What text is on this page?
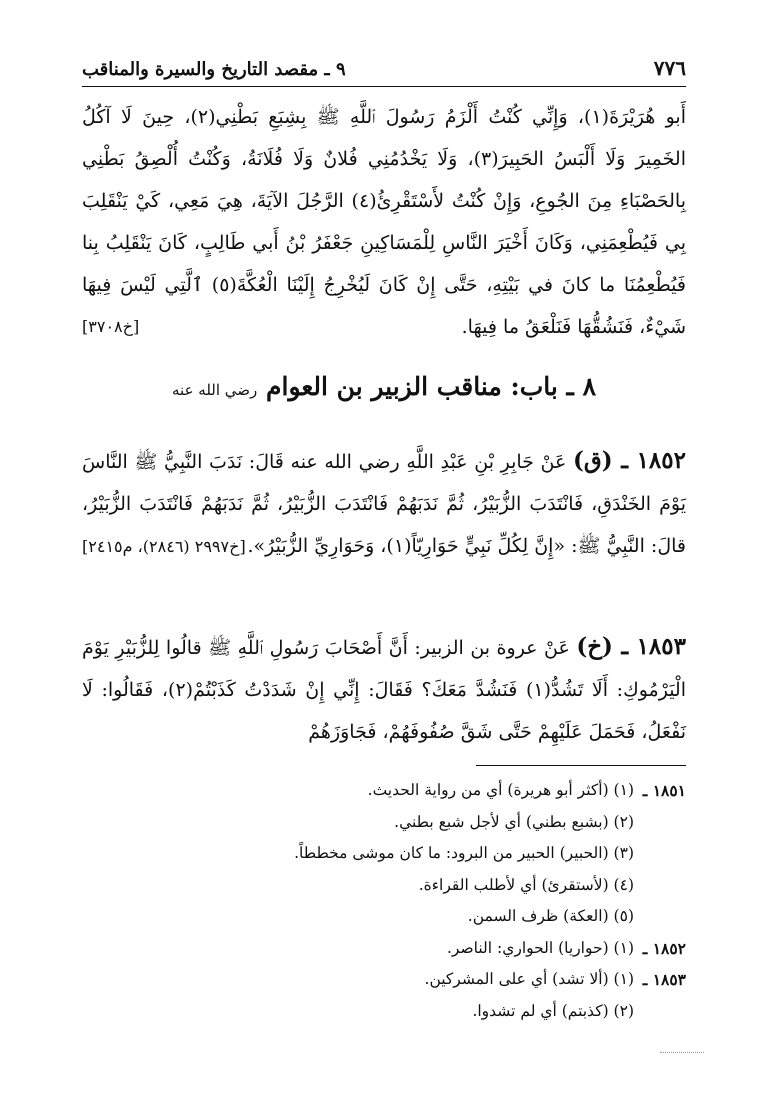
٧٧٦
٩ ـ مقصد التاريخ والسيرة والمناقب
أَبو هُرَيْرَةَ(١)، وَإِنِّي كُنْتُ أَلْزَمُ رَسُولَ ٱللَّهِ ﷺ بِشِبَعِ بَطْنِي(٢)، حِينَ لَا آكُلُ الخَمِيرَ وَلَا أَلْبَسُ الحَبِيرَ(٣)، وَلَا يَخْدُمُنِي فُلانٌ وَلَا فُلَانَةُ، وَكُنْتُ أُلْصِقُ بَطْنِي بِالحَصْبَاءِ مِنَ الجُوعِ، وَإِنْ كُنْتُ لأَسْتَقْرِئُ(٤) الرَّجُلَ الآيَةَ، هِيَ مَعِي، كَيْ يَنْقَلِبَ بِي فَيُطْعِمَنِي، وَكَانَ أَخْيَرَ النَّاسِ لِلْمَسَاكِينِ جَعْفَرُ بْنُ أَبي طَالِبٍ، كَانَ يَنْقَلِبُ بِنا فَيُطْعِمُنَا ما كانَ في بَيْتِهِ، حَتَّى إِنْ كَانَ لَيُخْرِجُ إِلَيْنَا الْعُكَّةَ(٥) ٱلَّتِي لَيْسَ فِيهَا شَيْءٌ، فَنَشُقُّهَا فَنَلْعَقُ ما فِيهَا.
[خ٣٧٠٨]
٨ ـ باب: مناقب الزبير بن العوام رضي الله عنه
١٨٥٢ ـ (ق) عَنْ جَابِرِ بْنِ عَبْدِ اللَّهِ رضي الله عنه قَالَ: نَدَبَ النَّبِيُّ ﷺ النَّاسَ يَوْمَ الخَنْدَقِ، فَانْتَدَبَ الزُّبَيْرُ، ثُمَّ نَدَبَهُمْ فَانْتَدَبَ الزُّبَيْرُ، ثُمَّ نَدَبَهُمْ فَانْتَدَبَ الزُّبَيْرُ، قالَ: النَّبِيُّ ﷺ: «إِنَّ لِكُلِّ نَبِيٍّ حَوَارِيّاً(١)، وَحَوَارِيِّ الزُّبَيْرُ».
[خ٢٩٩٧ (٢٨٤٦)، م٢٤١٥]
١٨٥٣ ـ (خ) عَنْ عروة بن الزبير: أَنَّ أَصْحَابَ رَسُولِ ٱللَّهِ ﷺ قالُوا لِلزُّبَيْرِ يَوْمَ الْيَرْمُوكِ: أَلَا تَشُدُّ(١) فَنَشُدَّ مَعَكَ؟ فَقَالَ: إِنِّي إِنْ شَدَدْتُ كَذَبْتُمْ(٢)، فَقَالُوا: لَا نَفْعَلُ، فَحَمَلَ عَلَيْهِمْ حَتَّى شَقَّ صُفُوفَهُمْ، فَجَاوَزَهُمْ
١٨٥١ ـ
(١) (أكثر أبو هريرة) أي من رواية الحديث.
(٢) (بشبع بطني) أي لأجل شبع بطني.
(٣) (الحبير) الحبير من البرود: ما كان موشى مخططاً.
(٤) (لأستقرئ) أي لأطلب القراءة.
(٥) (العكة) ظرف السمن.
١٨٥٢ ـ
(١) (حواريا) الحواري: الناصر.
١٨٥٣ ـ
(١) (ألا تشد) أي على المشركين.
(٢) (كذبتم) أي لم تشدوا.
